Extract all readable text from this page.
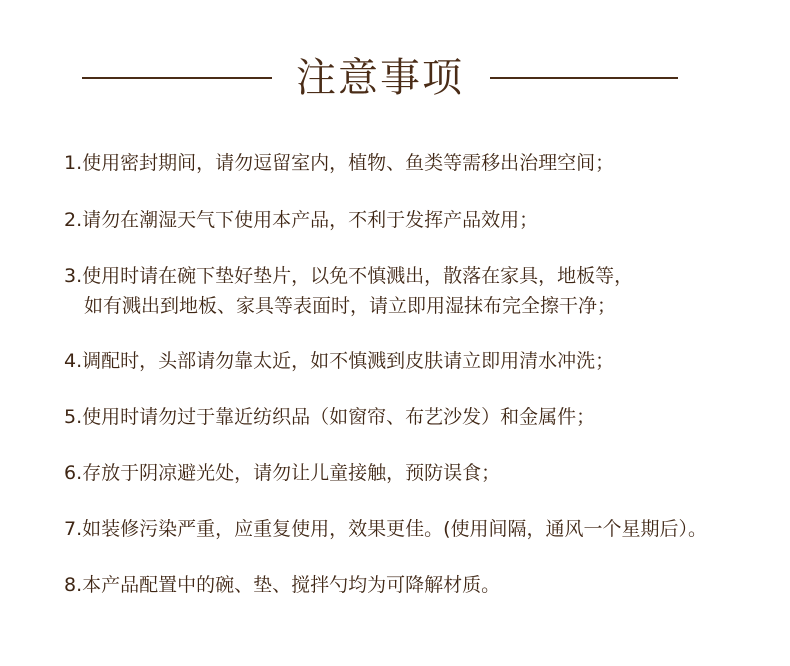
注意事项
1.使用密封期间，请勿逗留室内，植物、鱼类等需移出治理空间；
2.请勿在潮湿天气下使用本产品，不利于发挥产品效用；
3.使用时请在碗下垫好垫片，以免不慎溅出，散落在家具，地板等，
如有溅出到地板、家具等表面时，请立即用湿抹布完全擦干净；
4.调配时，头部请勿靠太近，如不慎溅到皮肤请立即用清水冲洗；
5.使用时请勿过于靠近纺织品（如窗帘、布艺沙发）和金属件；
6.存放于阴凉避光处，请勿让儿童接触，预防误食；
7.如装修污染严重，应重复使用，效果更佳。(使用间隔，通风一个星期后）。
8.本产品配置中的碗、垫、搅拌勺均为可降解材质。
